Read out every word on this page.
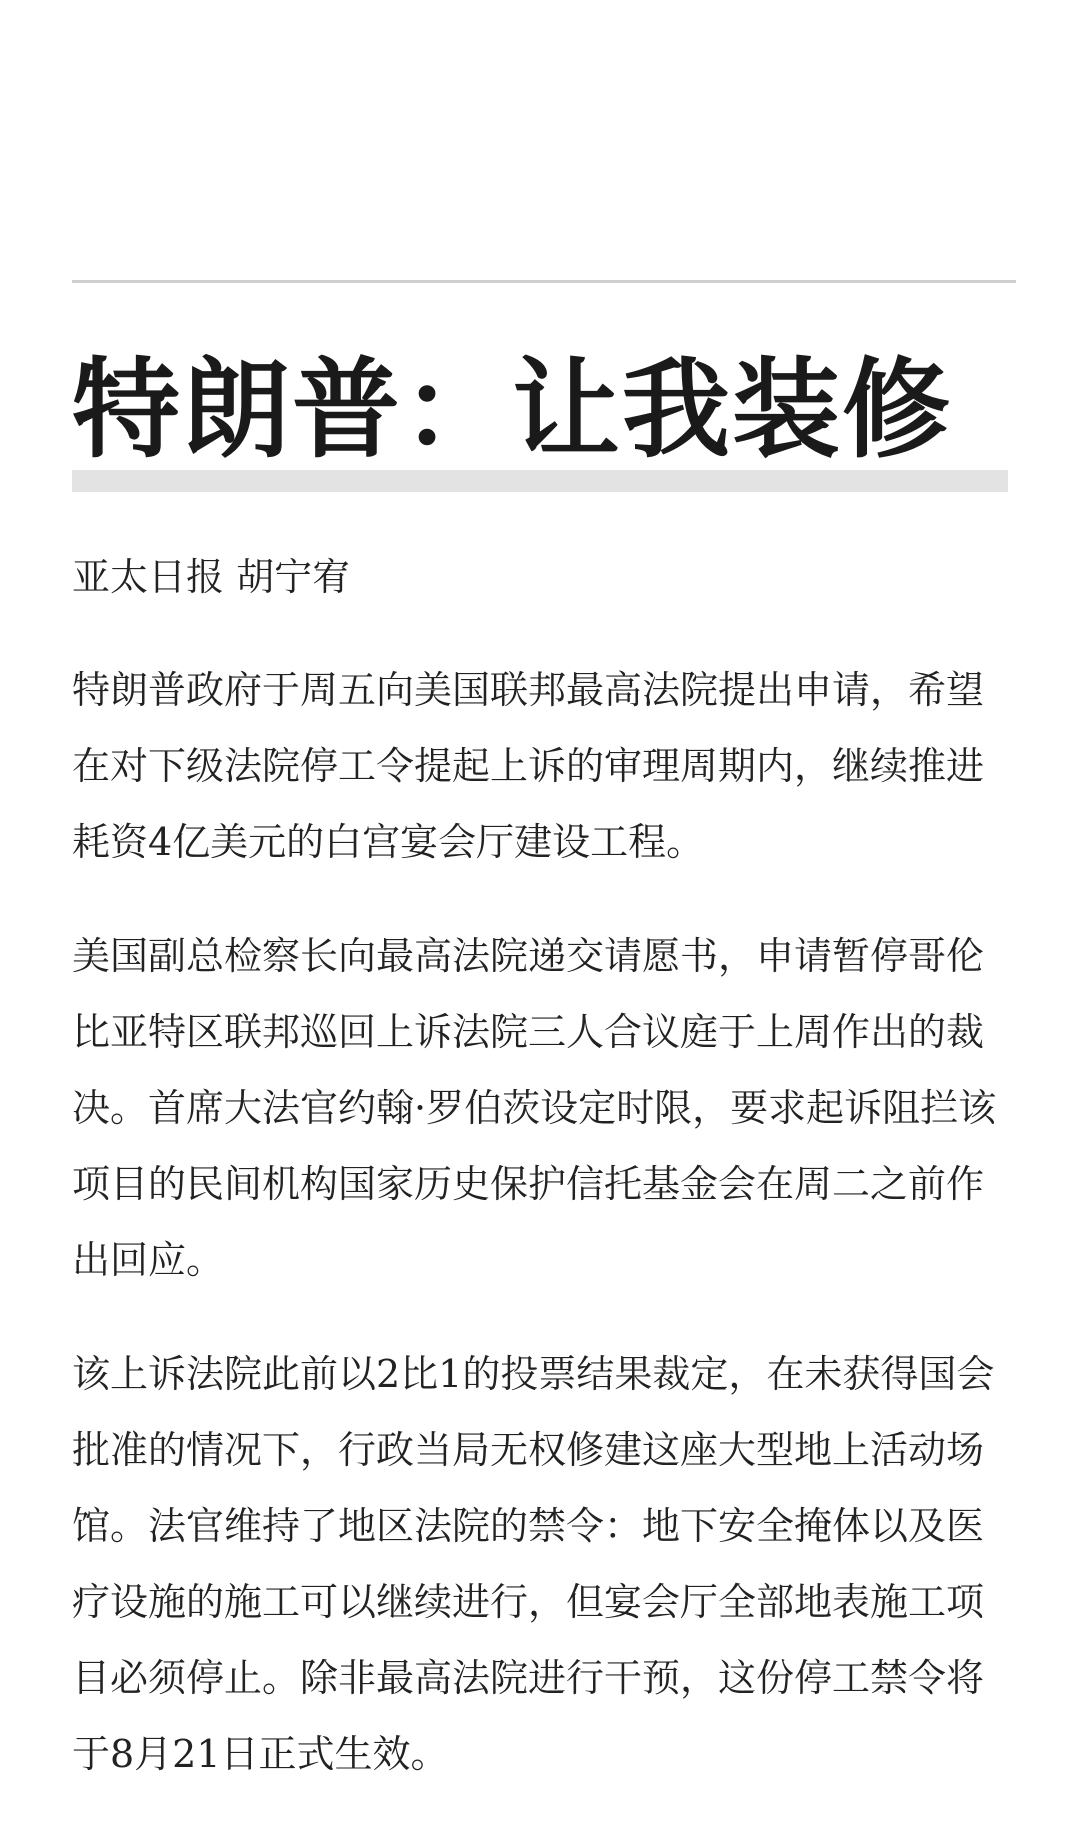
特朗普：让我装修

亚太日报 胡宁宥

特朗普政府于周五向美国联邦最高法院提出申请，希望在对下级法院停工令提起上诉的审理周期内，继续推进耗资4亿美元的白宫宴会厅建设工程。

美国副总检察长向最高法院递交请愿书，申请暂停哥伦比亚特区联邦巡回上诉法院三人合议庭于上周作出的裁决。首席大法官约翰·罗伯茨设定时限，要求起诉阻拦该项目的民间机构国家历史保护信托基金会在周二之前作出回应。

该上诉法院此前以2比1的投票结果裁定，在未获得国会批准的情况下，行政当局无权修建这座大型地上活动场馆。法官维持了地区法院的禁令：地下安全掩体以及医疗设施的施工可以继续进行，但宴会厅全部地表施工项目必须停止。除非最高法院进行干预，这份停工禁令将于8月21日正式生效。
